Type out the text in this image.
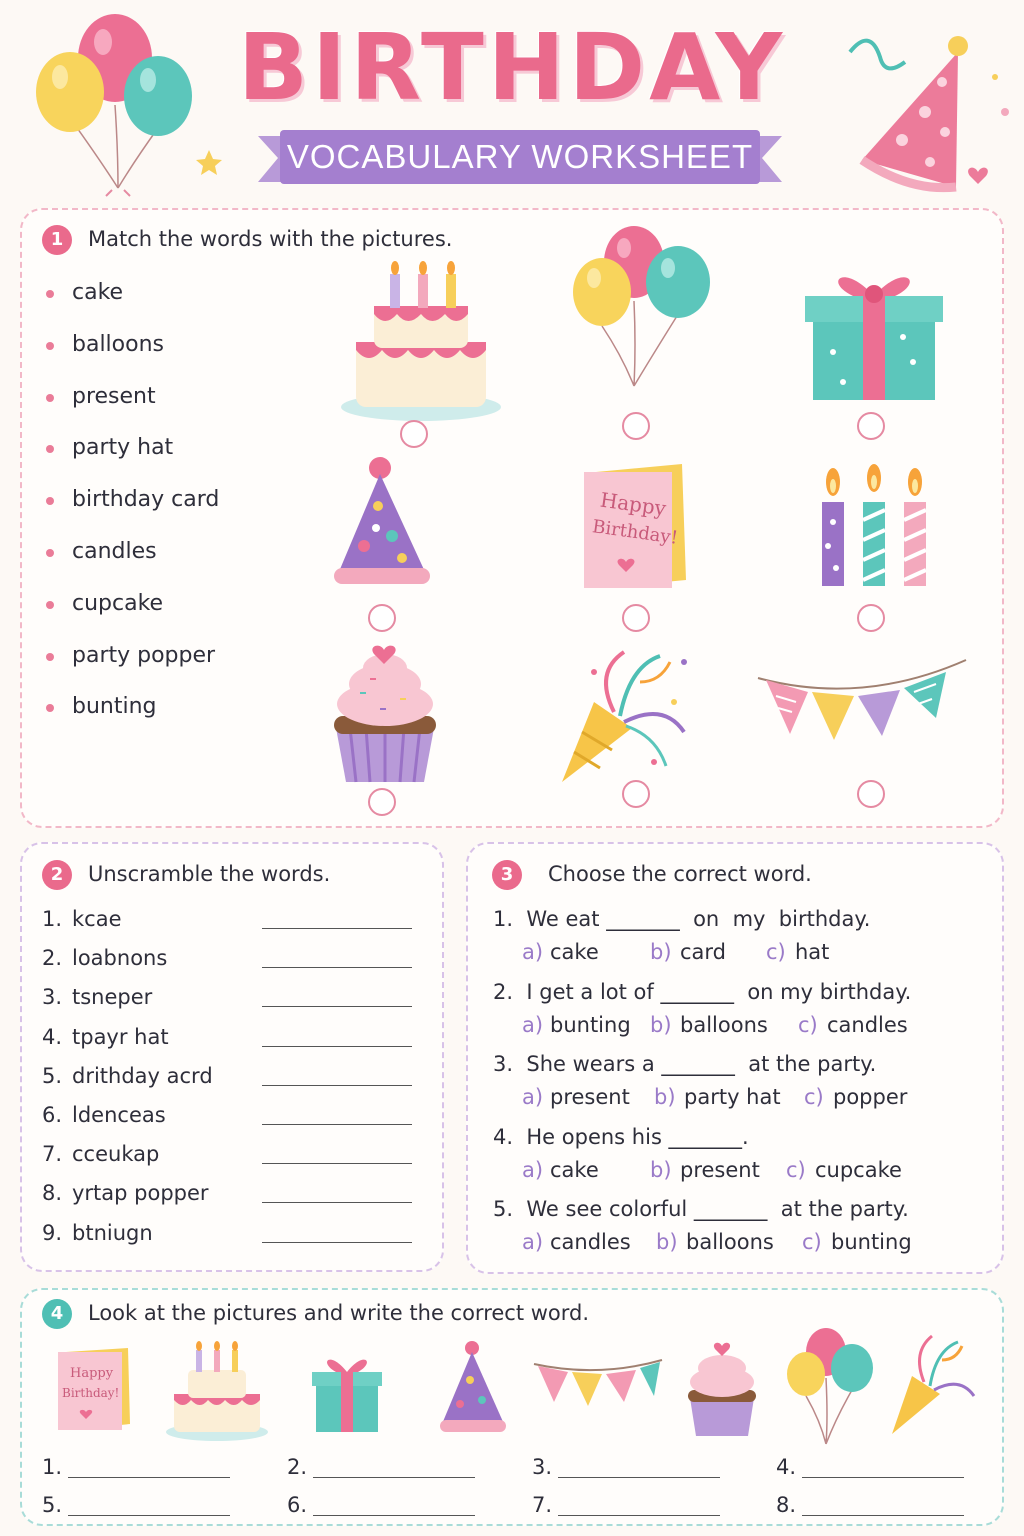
BIRTHDAY
VOCABULARY WORKSHEET
1	Match the words with the pictures.
Happy
Birthday!
2	Unscramble the words.	3	Choose the correct word.
4	Look at the pictures and write the correct word.
Happy
Birthday!
cake
balloons
present
party hat
birthday card
candles
cupcake
party popper
bunting
1. kcae
2. loabnons
3. tsneper
4. tpayr hat
5. drithday acrd
6. ldenceas
7. cceukap
8. yrtap popper
9. btniugn
1.  We eat _______  on  my  birthday.
a) cake b) card c) hat
2.  I get a lot of _______  on my birthday.
a) bunting b) balloons c) candles
3.  She wears a _______  at the party.
a) present b) party hat c) popper
4.  He opens his _______.
a) cake b) present c) cupcake
5.  We see colorful _______  at the party.
a) candles b) balloons c) bunting
1.	2.	3.	4.
5.	6.	7.	8.
